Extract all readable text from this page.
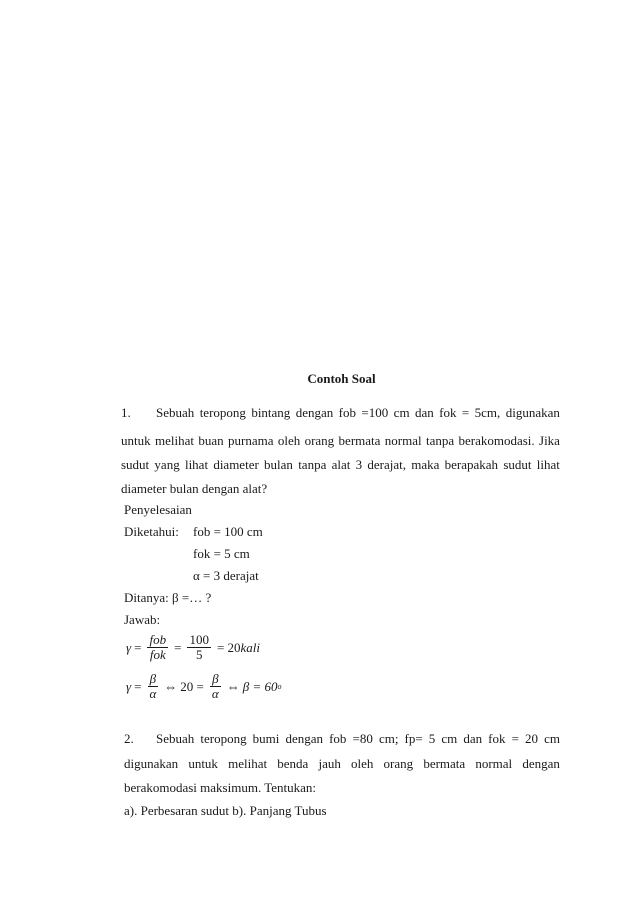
Contoh Soal
1. Sebuah teropong bintang dengan fob =100 cm dan fok = 5cm, digunakan
untuk melihat buan purnama oleh orang bermata normal tanpa berakomodasi. Jika
sudut yang lihat diameter bulan tanpa alat 3 derajat, maka berapakah sudut lihat
diameter bulan dengan alat?
Penyelesaian
Diketahui: fob = 100 cm
fok = 5 cm
α = 3 derajat
Ditanya: β =… ?
Jawab:
$\gamma = \frac{\text{fob}}{\text{fok}} = \frac{100}{5} = 20$ kali
$\gamma = \frac{\beta}{\alpha}$ ⇔ $20 = \frac{\beta}{\alpha}$ ⇔ β = 60 o
2. Sebuah teropong bumi dengan fob =80 cm; fp= 5 cm dan fok = 20 cm
digunakan untuk melihat benda jauh oleh orang bermata normal dengan
berakomodasi maksimum. Tentukan:
a). Perbesaran sudut b). Panjang Tubus
